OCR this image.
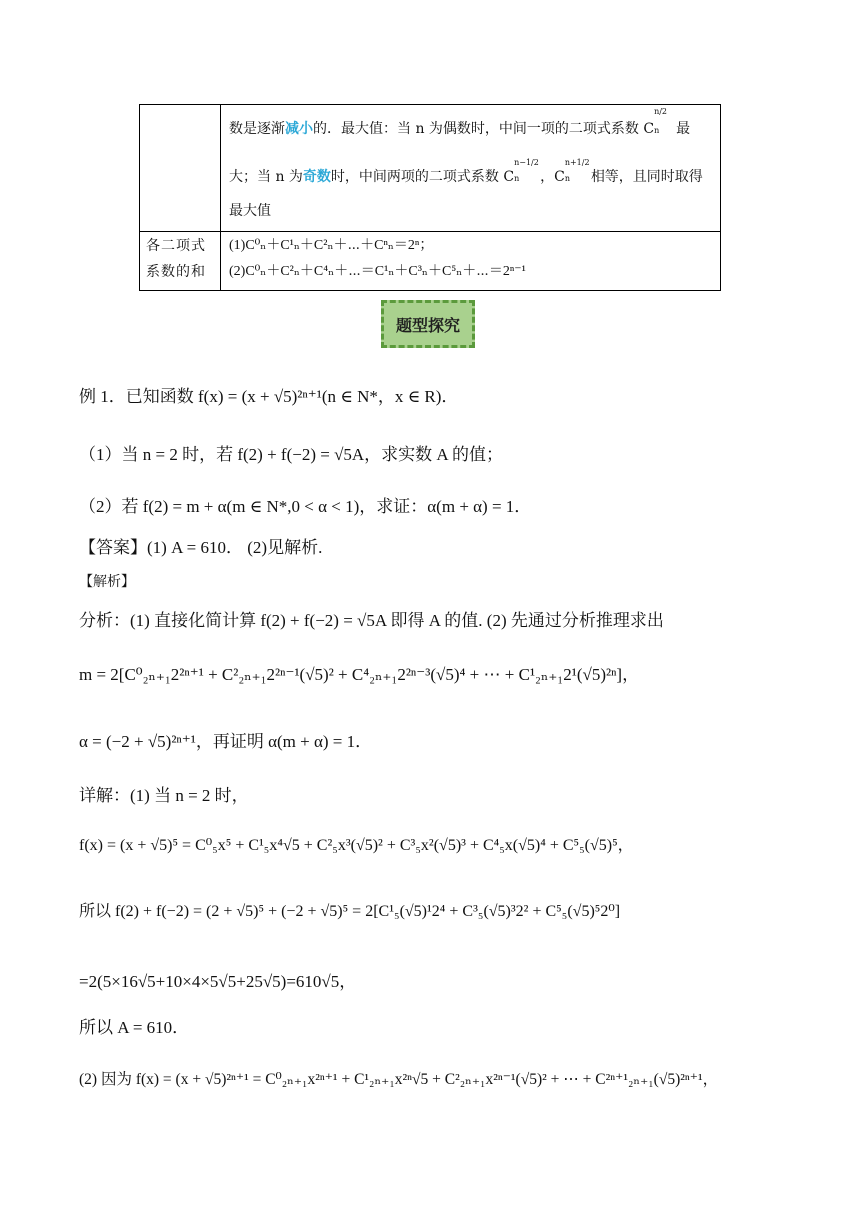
数是逐渐减小的．最大值：当 n 为偶数时，中间一项的二项式系数 C
n/2
n 最
大；当 n 为奇数时，中间两项的二项式系数 C
n−1/2
n ，C
n+1/2
n 相等，且同时取得
最大值
各二项式
系数的和
(1)C⁰ₙ＋C¹ₙ＋C²ₙ＋⋯＋Cⁿₙ＝2ⁿ；
(2)C⁰ₙ＋C²ₙ＋C⁴ₙ＋⋯＝C¹ₙ＋C³ₙ＋C⁵ₙ＋⋯＝2ⁿ⁻¹
题型探究
例 1．已知函数 f(x) = (x + √5)²ⁿ⁺¹(n ∈ N*，x ∈ R)．
（1）当 n = 2 时，若 f(2) + f(−2) = √5A，求实数 A 的值；
（2）若 f(2) = m + α(m ∈ N*,0 < α < 1)，求证：α(m + α) = 1．
【答案】(1) A = 610． (2)见解析.
【解析】
分析：(1) 直接化简计算 f(2) + f(−2) = √5A 即得 A 的值. (2) 先通过分析推理求出
m = 2[C⁰₂ₙ₊₁2²ⁿ⁺¹ + C²₂ₙ₊₁2²ⁿ⁻¹(√5)² + C⁴₂ₙ₊₁2²ⁿ⁻³(√5)⁴ + ⋯ + C¹₂ₙ₊₁2¹(√5)²ⁿ]，
α = (−2 + √5)²ⁿ⁺¹，再证明 α(m + α) = 1．
详解：(1) 当 n = 2 时，
f(x) = (x + √5)⁵ = C⁰₅x⁵ + C¹₅x⁴√5 + C²₅x³(√5)² + C³₅x²(√5)³ + C⁴₅x(√5)⁴ + C⁵₅(√5)⁵，
所以 f(2) + f(−2) = (2 + √5)⁵ + (−2 + √5)⁵ = 2[C¹₅(√5)¹2⁴ + C³₅(√5)³2² + C⁵₅(√5)⁵2⁰]
=2(5×16√5+10×4×5√5+25√5)=610√5，
所以 A = 610．
(2) 因为 f(x) = (x + √5)²ⁿ⁺¹ = C⁰₂ₙ₊₁x²ⁿ⁺¹ + C¹₂ₙ₊₁x²ⁿ√5 + C²₂ₙ₊₁x²ⁿ⁻¹(√5)² + ⋯ + C²ⁿ⁺¹₂ₙ₊₁(√5)²ⁿ⁺¹，
